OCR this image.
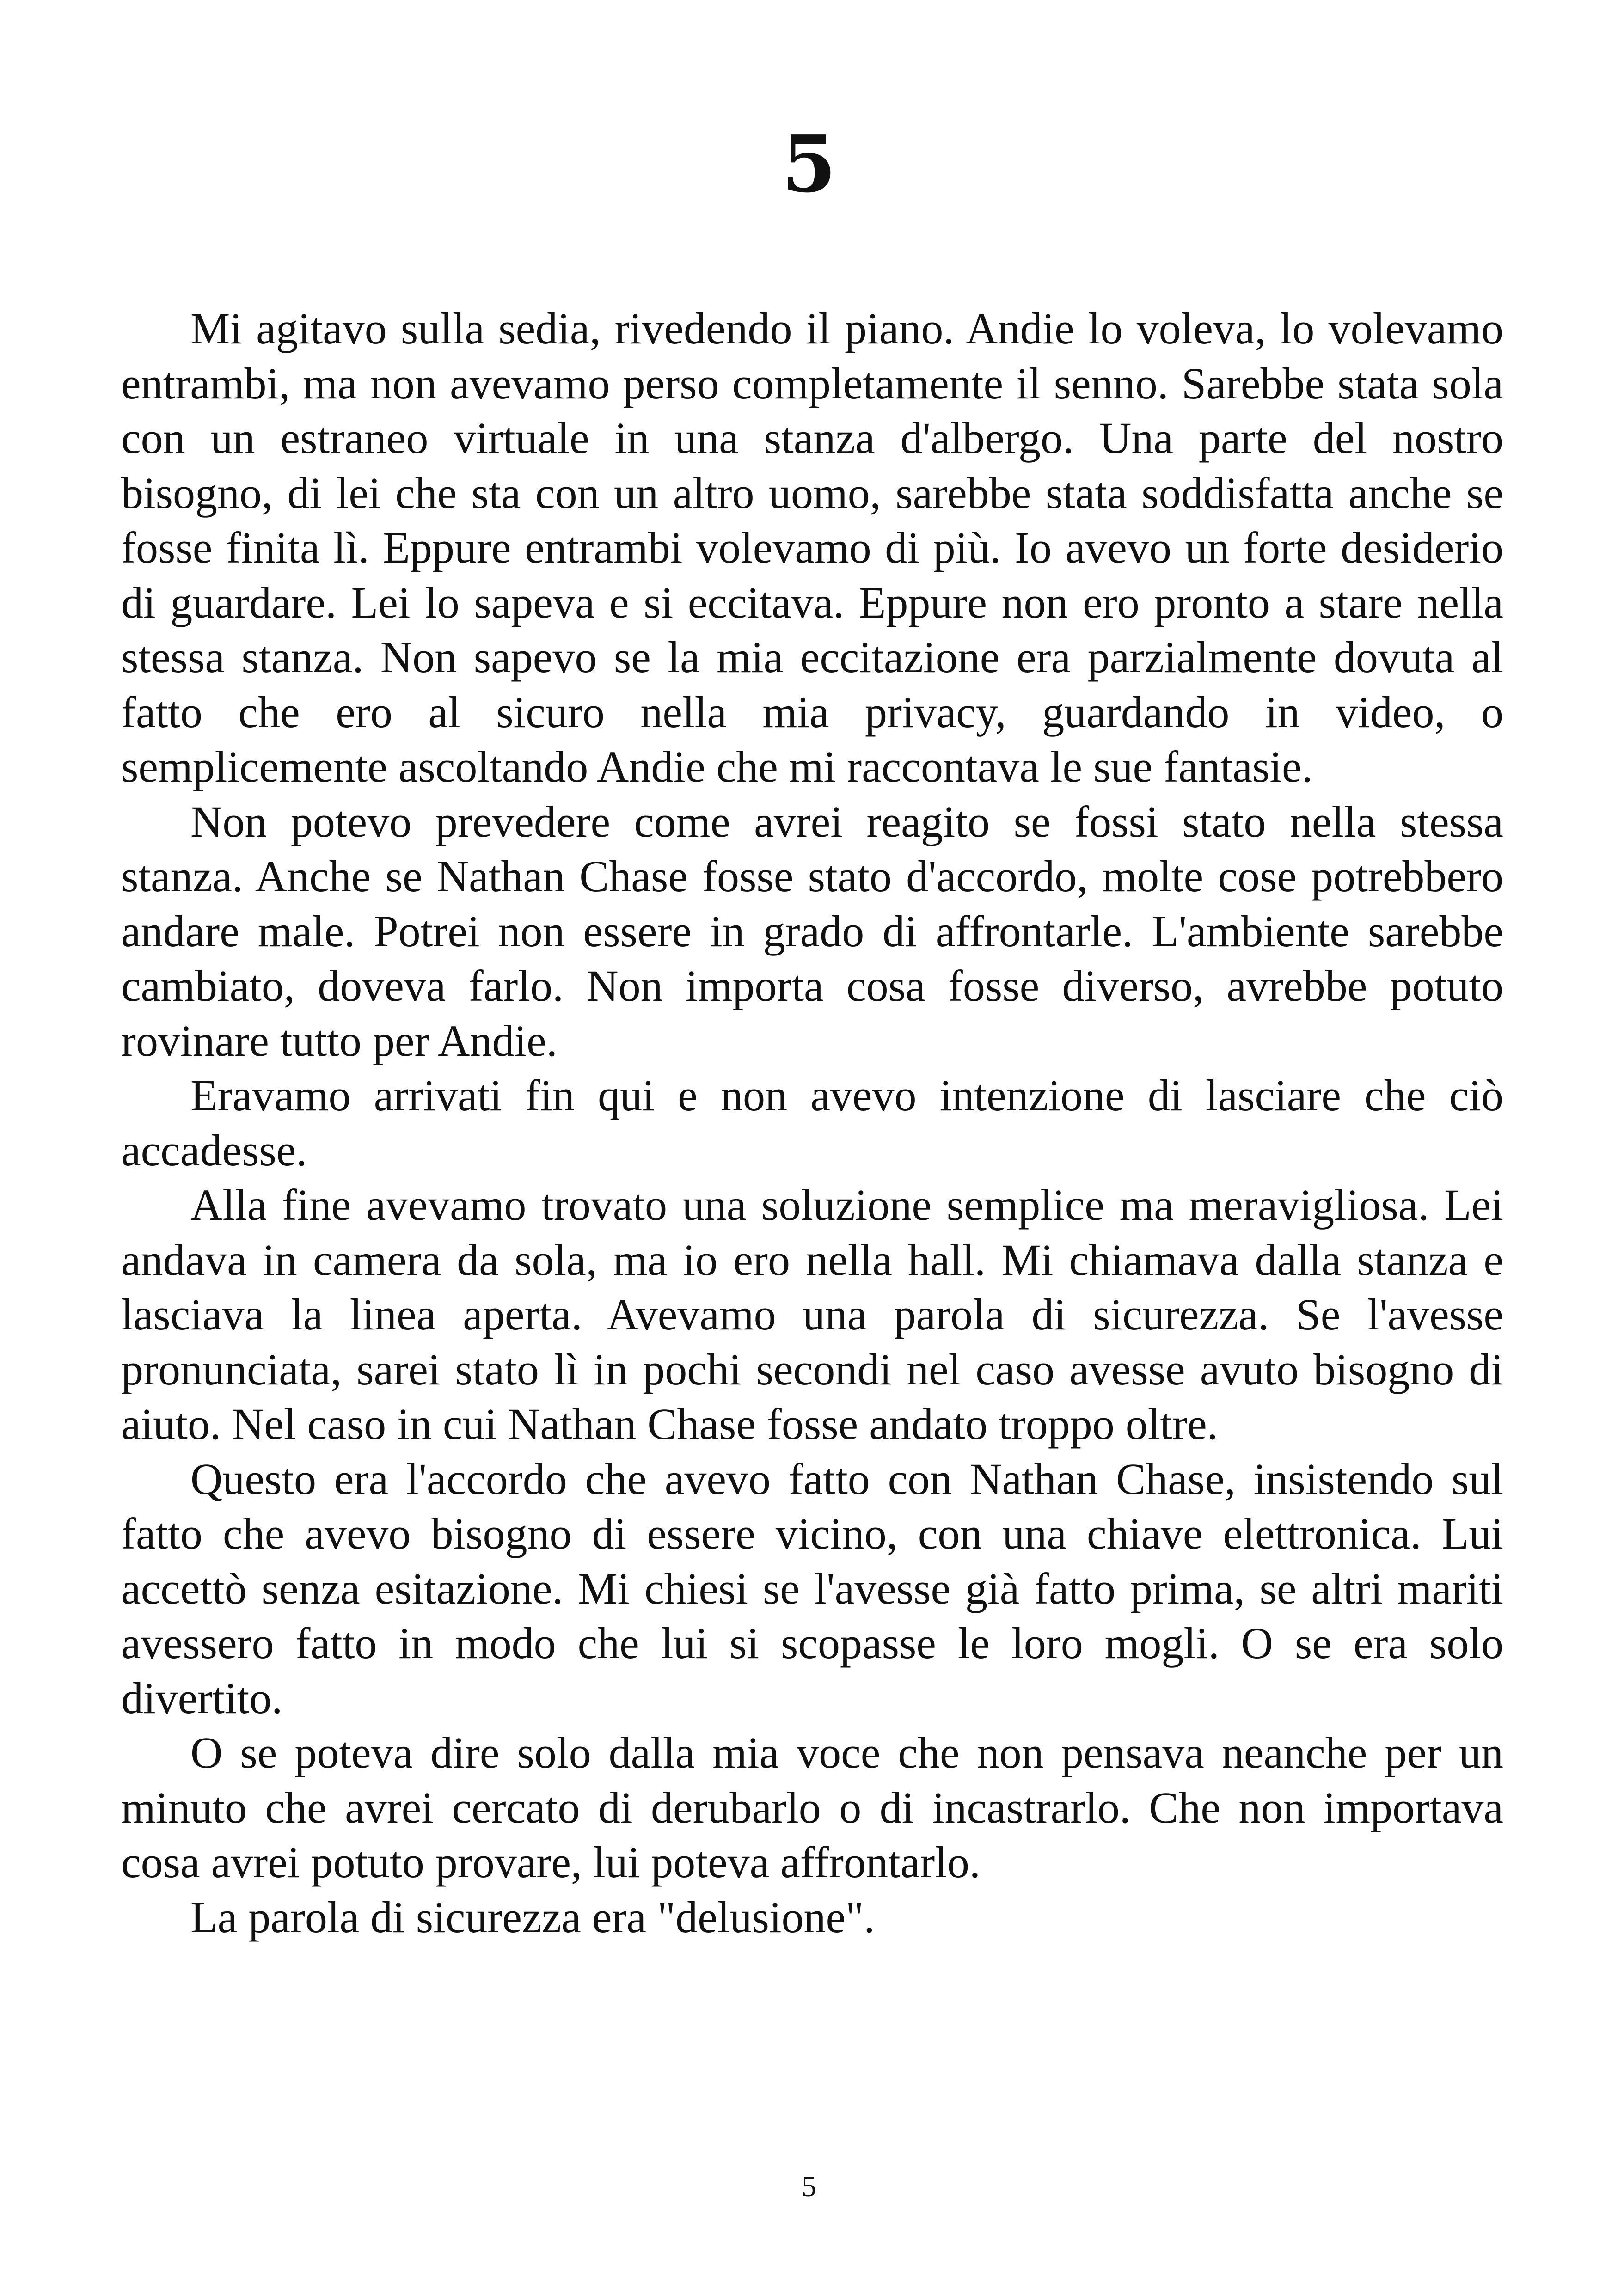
5

Mi agitavo sulla sedia, rivedendo il piano. Andie lo voleva, lo volevamo entrambi, ma non avevamo perso completamente il senno. Sarebbe stata sola con un estraneo virtuale in una stanza d'albergo. Una parte del nostro bisogno, di lei che sta con un altro uomo, sarebbe stata soddisfatta anche se fosse finita lì. Eppure entrambi volevamo di più. Io avevo un forte desiderio di guardare. Lei lo sapeva e si eccitava. Eppure non ero pronto a stare nella stessa stanza. Non sapevo se la mia eccitazione era parzialmente dovuta al fatto che ero al sicuro nella mia privacy, guardando in video, o semplicemente ascoltando Andie che mi raccontava le sue fantasie.

Non potevo prevedere come avrei reagito se fossi stato nella stessa stanza. Anche se Nathan Chase fosse stato d'accordo, molte cose potrebbero andare male. Potrei non essere in grado di affrontarle. L'ambiente sarebbe cambiato, doveva farlo. Non importa cosa fosse diverso, avrebbe potuto rovinare tutto per Andie.

Eravamo arrivati fin qui e non avevo intenzione di lasciare che ciò accadesse.

Alla fine avevamo trovato una soluzione semplice ma meravigliosa. Lei andava in camera da sola, ma io ero nella hall. Mi chiamava dalla stanza e lasciava la linea aperta. Avevamo una parola di sicurezza. Se l'avesse pronunciata, sarei stato lì in pochi secondi nel caso avesse avuto bisogno di aiuto. Nel caso in cui Nathan Chase fosse andato troppo oltre.

Questo era l'accordo che avevo fatto con Nathan Chase, insistendo sul fatto che avevo bisogno di essere vicino, con una chiave elettronica. Lui accettò senza esitazione. Mi chiesi se l'avesse già fatto prima, se altri mariti avessero fatto in modo che lui si scopasse le loro mogli. O se era solo divertito.

O se poteva dire solo dalla mia voce che non pensava neanche per un minuto che avrei cercato di derubarlo o di incastrarlo. Che non importava cosa avrei potuto provare, lui poteva affrontarlo.

La parola di sicurezza era "delusione".

5
